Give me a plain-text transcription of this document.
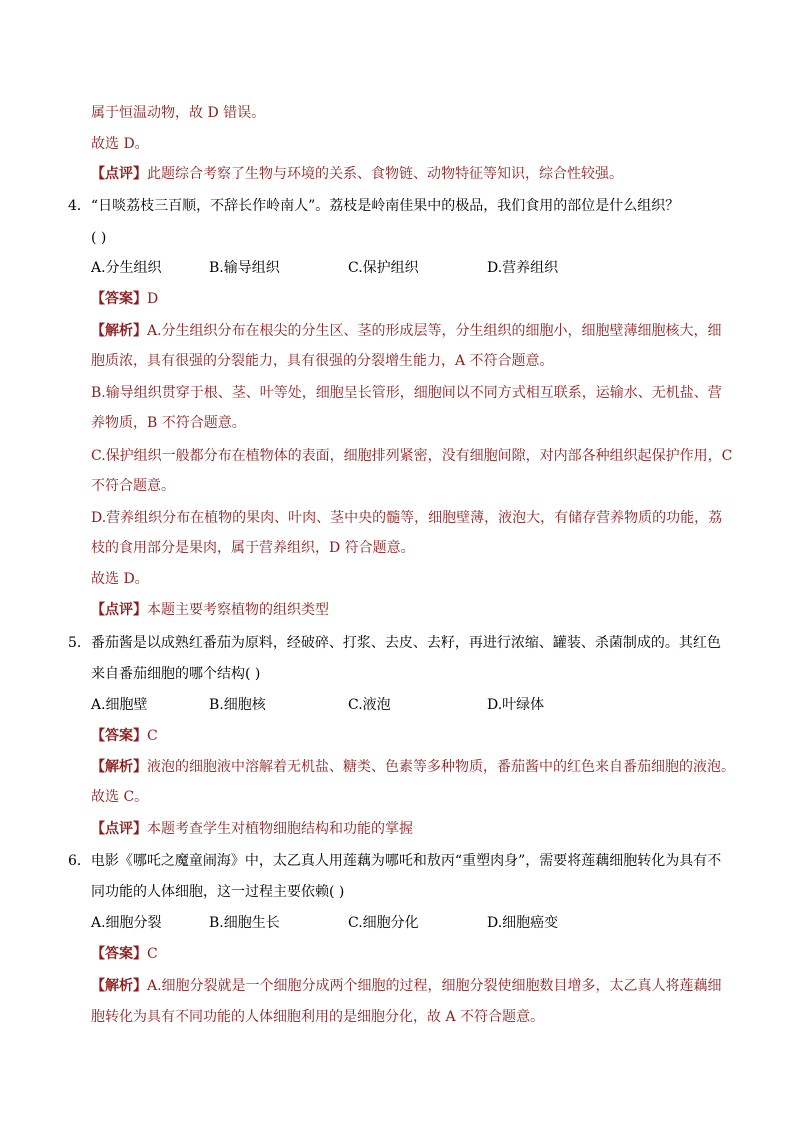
属于恒温动物，故 D 错误。
故选 D。
【点评】此题综合考察了生物与环境的关系、食物链、动物特征等知识，综合性较强。
4．“日啖荔枝三百顺，不辞长作岭南人”。荔枝是岭南佳果中的极品，我们食用的部位是什么组织？
( )
A.分生组织	B.输导组织	C.保护组织	D.营养组织
【答案】D
【解析】A.分生组织分布在根尖的分生区、茎的形成层等，分生组织的细胞小，细胞壁薄细胞核大，细
胞质浓，具有很强的分裂能力，具有很强的分裂增生能力，A 不符合题意。
B.输导组织贯穿于根、茎、叶等处，细胞呈长管形，细胞间以不同方式相互联系，运输水、无机盐、营
养物质，B 不符合题意。
C.保护组织一般都分布在植物体的表面，细胞排列紧密，没有细胞间隙，对内部各种组织起保护作用，C
不符合题意。
D.营养组织分布在植物的果肉、叶肉、茎中央的髓等，细胞壁薄，液泡大，有储存营养物质的功能，荔
枝的食用部分是果肉，属于营养组织，D 符合题意。
故选 D。
【点评】本题主要考察植物的组织类型
5．番茄酱是以成熟红番茄为原料，经破碎、打浆、去皮、去籽，再进行浓缩、罐装、杀菌制成的。其红色
来自番茄细胞的哪个结构( )
A.细胞壁	B.细胞核	C.液泡	D.叶绿体
【答案】C
【解析】液泡的细胞液中溶解着无机盐、糖类、色素等多种物质，番茄酱中的红色来自番茄细胞的液泡。
故选 C。
【点评】本题考查学生对植物细胞结构和功能的掌握
6．电影《哪吒之魔童闹海》中，太乙真人用莲藕为哪吒和敖丙“重塑肉身”，需要将莲藕细胞转化为具有不
同功能的人体细胞，这一过程主要依赖( )
A.细胞分裂	B.细胞生长	C.细胞分化	D.细胞癌变
【答案】C
【解析】A.细胞分裂就是一个细胞分成两个细胞的过程，细胞分裂使细胞数目增多，太乙真人将莲藕细
胞转化为具有不同功能的人体细胞利用的是细胞分化，故 A 不符合题意。
